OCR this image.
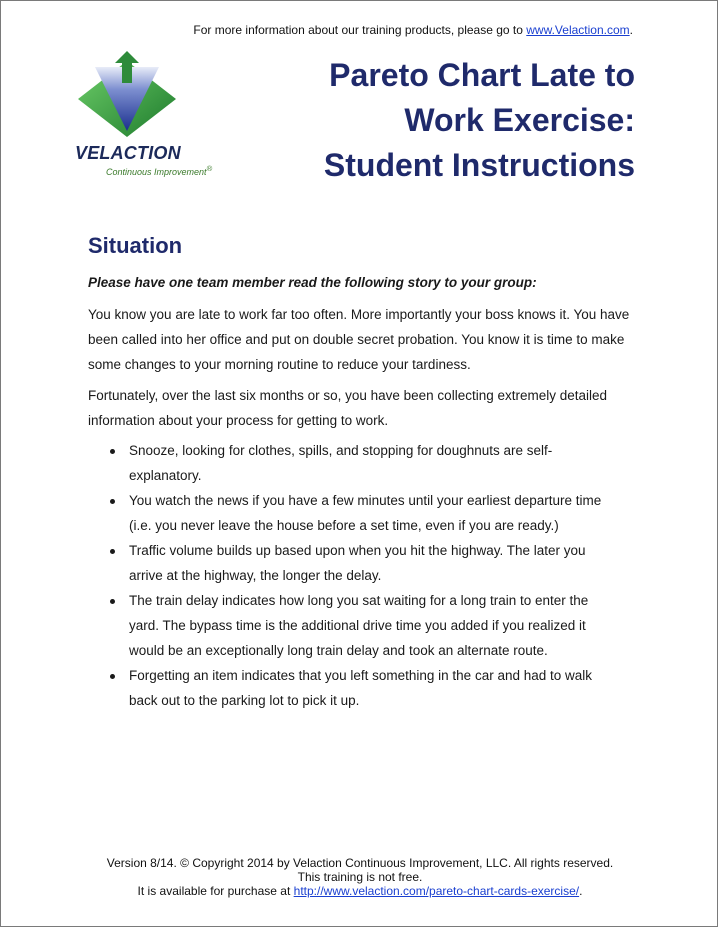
For more information about our training products, please go to www.Velaction.com.
VELACTION
Continuous Improvement®
Pareto Chart Late to
Work Exercise:
Student Instructions
Situation
Please have one team member read the following story to your group:
You know you are late to work far too often. More importantly your boss knows it. You have been called into her office and put on double secret probation. You know it is time to make some changes to your morning routine to reduce your tardiness.
Fortunately, over the last six months or so, you have been collecting extremely detailed information about your process for getting to work.
Snooze, looking for clothes, spills, and stopping for doughnuts are self-explanatory.
You watch the news if you have a few minutes until your earliest departure time (i.e. you never leave the house before a set time, even if you are ready.)
Traffic volume builds up based upon when you hit the highway. The later you arrive at the highway, the longer the delay.
The train delay indicates how long you sat waiting for a long train to enter the yard. The bypass time is the additional drive time you added if you realized it would be an exceptionally long train delay and took an alternate route.
Forgetting an item indicates that you left something in the car and had to walk back out to the parking lot to pick it up.
Version 8/14. © Copyright 2014 by Velaction Continuous Improvement, LLC. All rights reserved.
This training is not free.
It is available for purchase at http://www.velaction.com/pareto-chart-cards-exercise/.
